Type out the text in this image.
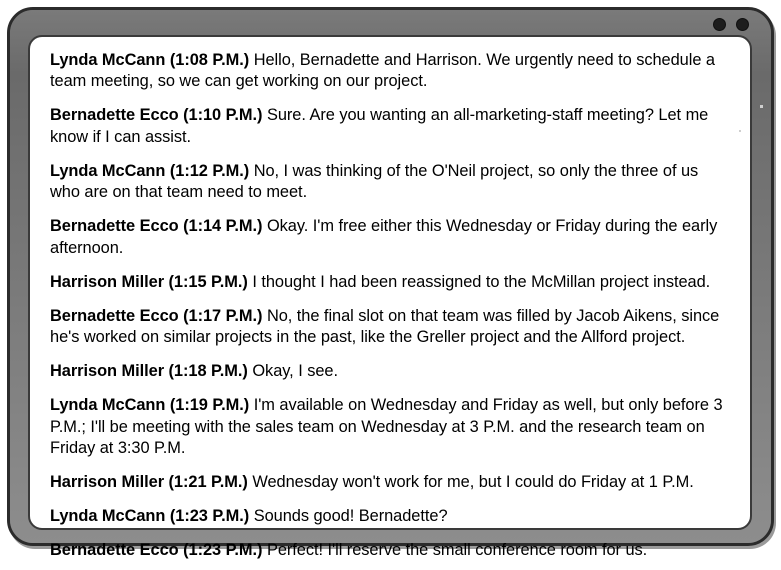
Lynda McCann (1:08 P.M.) Hello, Bernadette and Harrison. We urgently need to schedule a team meeting, so we can get working on our project.

Bernadette Ecco (1:10 P.M.) Sure. Are you wanting an all-marketing-staff meeting? Let me know if I can assist.

Lynda McCann (1:12 P.M.) No, I was thinking of the O'Neil project, so only the three of us who are on that team need to meet.

Bernadette Ecco (1:14 P.M.) Okay. I'm free either this Wednesday or Friday during the early afternoon.

Harrison Miller (1:15 P.M.) I thought I had been reassigned to the McMillan project instead.

Bernadette Ecco (1:17 P.M.) No, the final slot on that team was filled by Jacob Aikens, since he's worked on similar projects in the past, like the Greller project and the Allford project.

Harrison Miller (1:18 P.M.) Okay, I see.

Lynda McCann (1:19 P.M.) I'm available on Wednesday and Friday as well, but only before 3 P.M.; I'll be meeting with the sales team on Wednesday at 3 P.M. and the research team on Friday at 3:30 P.M.

Harrison Miller (1:21 P.M.) Wednesday won't work for me, but I could do Friday at 1 P.M.

Lynda McCann (1:23 P.M.) Sounds good! Bernadette?

Bernadette Ecco (1:23 P.M.) Perfect! I'll reserve the small conference room for us.
